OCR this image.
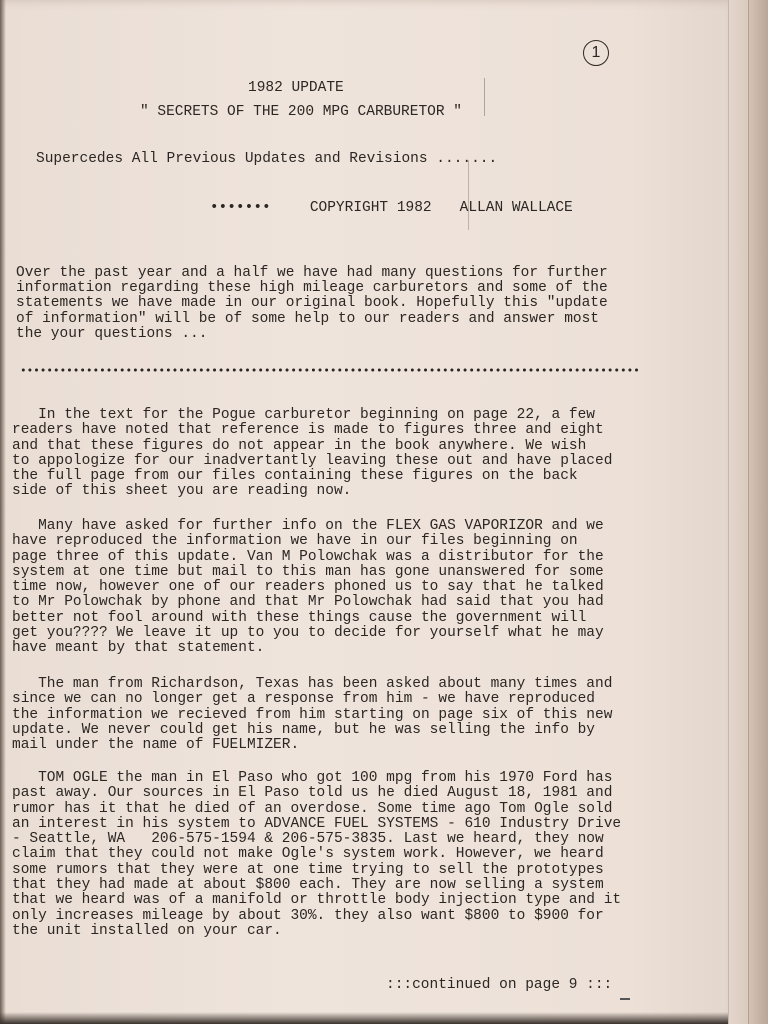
1

1982 UPDATE

" SECRETS OF THE 200 MPG CARBURETOR "

Supercedes All Previous Updates and Revisions .......

•••••••	COPYRIGHT 1982 ALLAN WALLACE

Over the past year and a half we have had many questions for further
information regarding these high mileage carburetors and some of the
statements we have made in our original book. Hopefully this "update
of information" will be of some help to our readers and answer most
the your questions ...
In the text for the Pogue carburetor beginning on page 22, a few
readers have noted that reference is made to figures three and eight
and that these figures do not appear in the book anywhere. We wish
to appologize for our inadvertantly leaving these out and have placed
the full page from our files containing these figures on the back
side of this sheet you are reading now.
Many have asked for further info on the FLEX GAS VAPORIZOR and we
have reproduced the information we have in our files beginning on
page three of this update. Van M Polowchak was a distributor for the
system at one time but mail to this man has gone unanswered for some
time now, however one of our readers phoned us to say that he talked
to Mr Polowchak by phone and that Mr Polowchak had said that you had
better not fool around with these things cause the government will
get you???? We leave it up to you to decide for yourself what he may
have meant by that statement.
The man from Richardson, Texas has been asked about many times and
since we can no longer get a response from him - we have reproduced
the information we recieved from him starting on page six of this new
update. We never could get his name, but he was selling the info by
mail under the name of FUELMIZER.
TOM OGLE the man in El Paso who got 100 mpg from his 1970 Ford has
past away. Our sources in El Paso told us he died August 18, 1981 and
rumor has it that he died of an overdose. Some time ago Tom Ogle sold
an interest in his system to ADVANCE FUEL SYSTEMS - 610 Industry Drive
- Seattle, WA   206-575-1594 & 206-575-3835. Last we heard, they now
claim that they could not make Ogle's system work. However, we heard
some rumors that they were at one time trying to sell the prototypes
that they had made at about $800 each. They are now selling a system
that we heard was of a manifold or throttle body injection type and it
only increases mileage by about 30%. they also want $800 to $900 for
the unit installed on your car.

:::continued on page 9 :::
